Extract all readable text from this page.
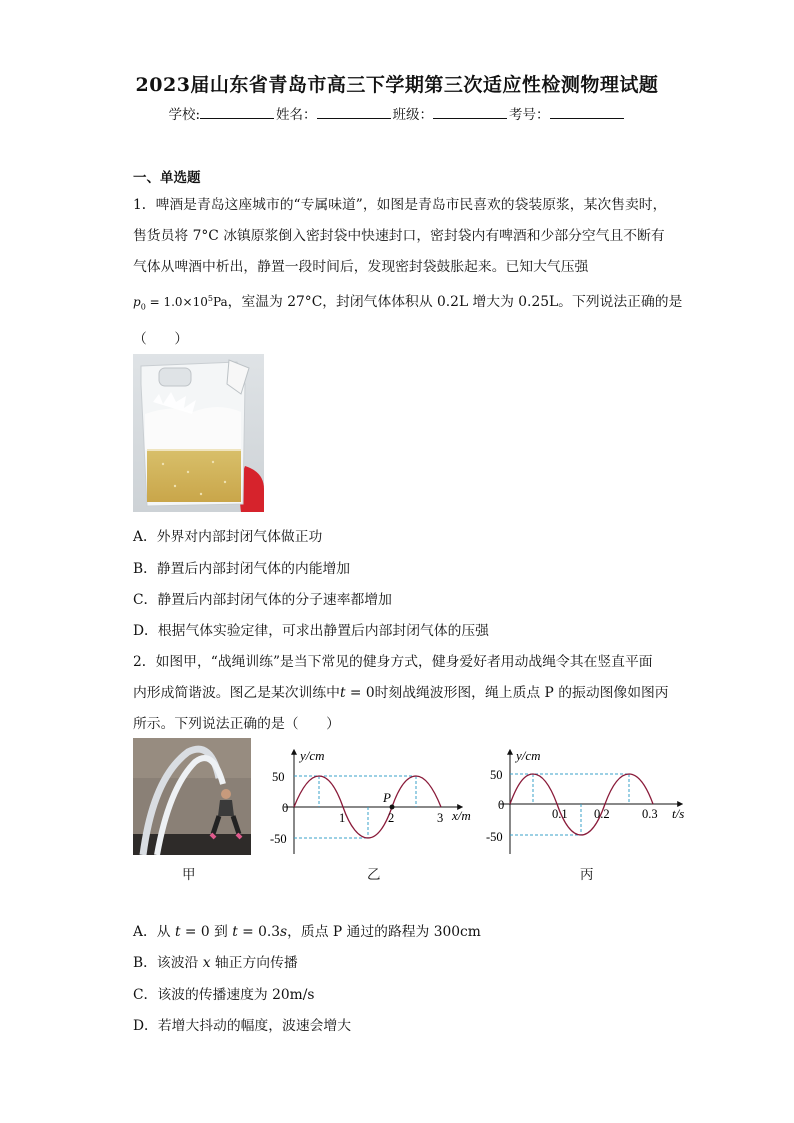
2023届山东省青岛市高三下学期第三次适应性检测物理试题
学校:	姓名：	班级：	考号：
一、单选题
1．啤酒是青岛这座城市的“专属味道”，如图是青岛市民喜欢的袋装原浆，某次售卖时，
售货员将 7°C 冰镇原浆倒入密封袋中快速封口，密封袋内有啤酒和少部分空气且不断有
气体从啤酒中析出，静置一段时间后，发现密封袋鼓胀起来。已知大气压强
$p_0 = 1.0\times 10^5Pa$，室温为 27°C，封闭气体体积从 0.2L 增大为 0.25L。下列说法正确的是
（　　）
A．外界对内部封闭气体做正功
B．静置后内部封闭气体的内能增加
C．静置后内部封闭气体的分子速率都增加
D．根据气体实验定律，可求出静置后内部封闭气体的压强
2．如图甲，“战绳训练”是当下常见的健身方式，健身爱好者用动战绳令其在竖直平面
内形成简谐波。图乙是某次训练中t = 0时刻战绳波形图，绳上质点 P 的振动图像如图丙
所示。下列说法正确的是（　　）
y/cm
x/m
50
0
-50
P
1	2	3
y/cm
t/s
50
0
-50
0.1 0.2	0.3
甲	乙	丙
A．从 t = 0 到 t = 0.3s，质点 P 通过的路程为 300cm
B．该波沿 x 轴正方向传播
C．该波的传播速度为 20m/s
D．若增大抖动的幅度，波速会增大
